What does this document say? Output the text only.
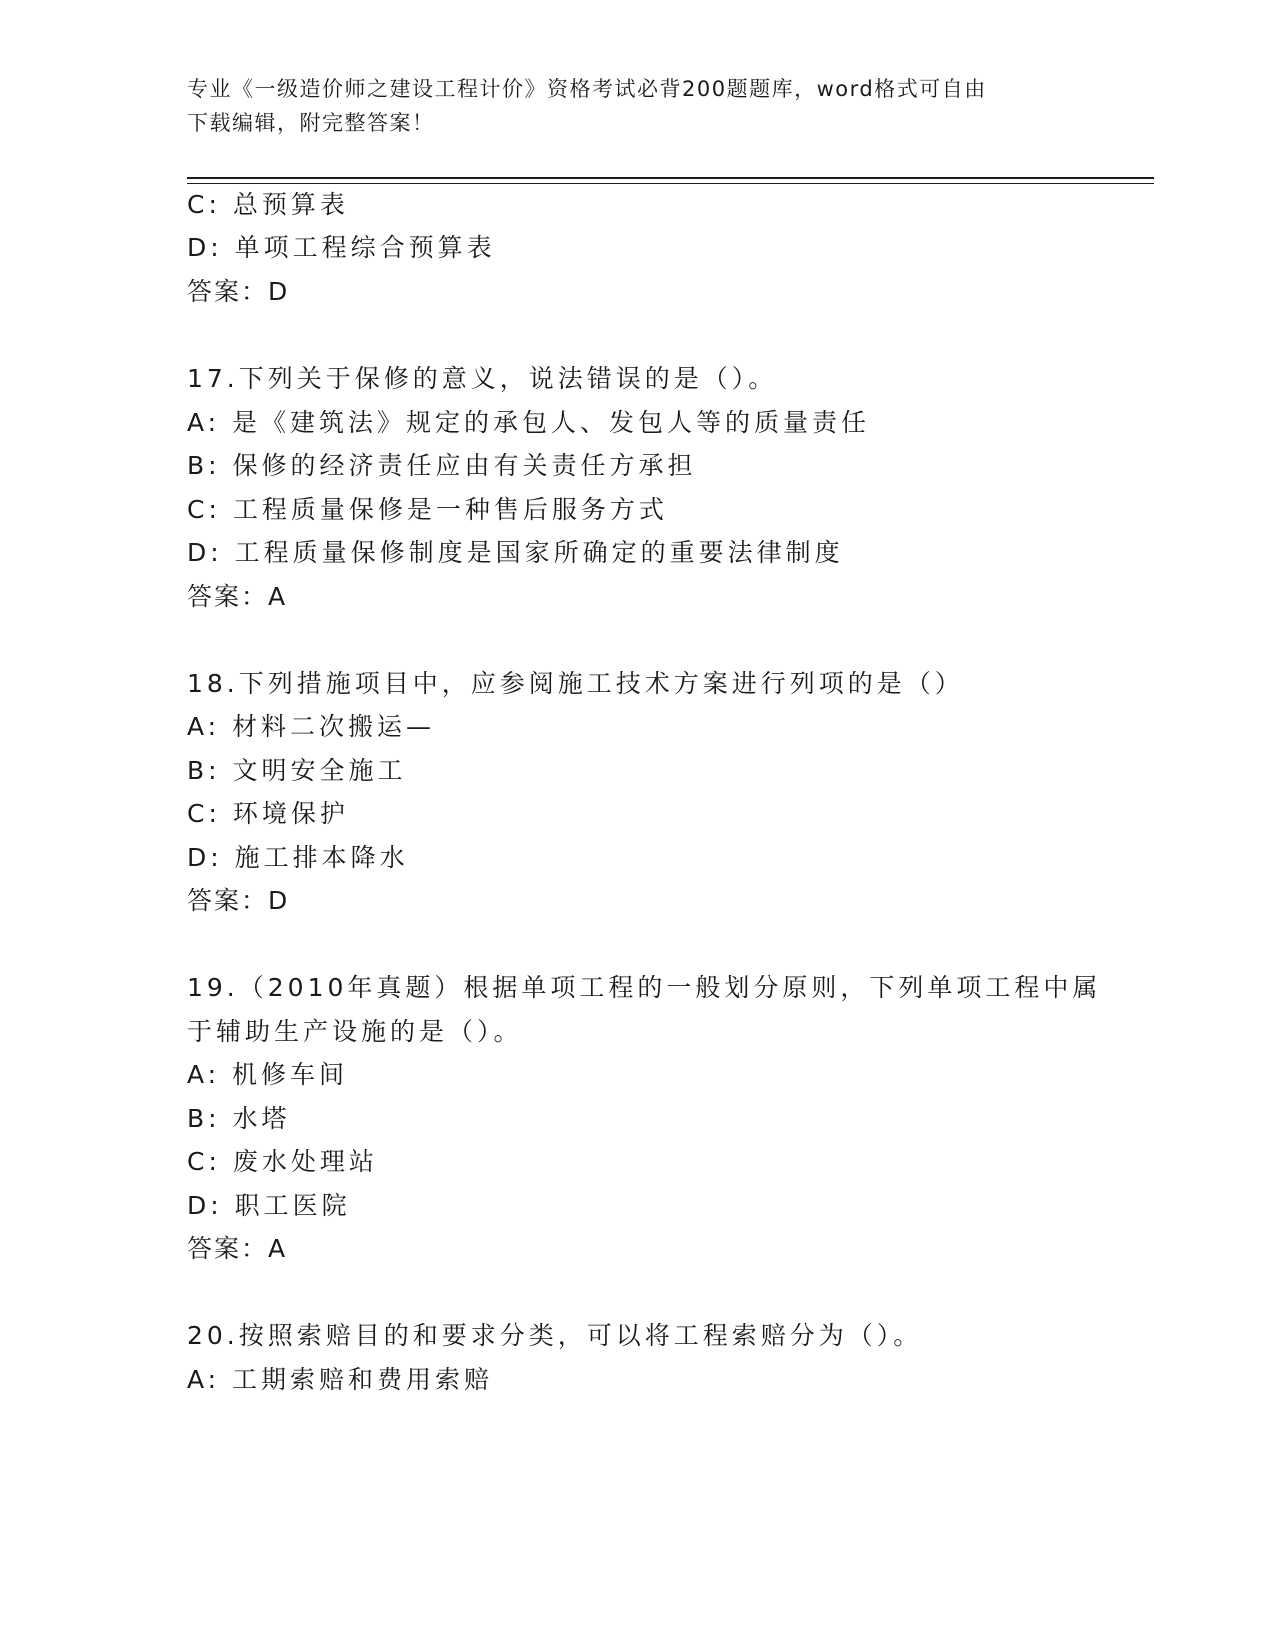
专业《一级造价师之建设工程计价》资格考试必背200题题库，word格式可自由
下载编辑，附完整答案！
C: 总预算表
D: 单项工程综合预算表
答案：D
17.下列关于保修的意义，说法错误的是（）。
A: 是《建筑法》规定的承包人、发包人等的质量责任
B: 保修的经济责任应由有关责任方承担
C: 工程质量保修是一种售后服务方式
D: 工程质量保修制度是国家所确定的重要法律制度
答案：A
18.下列措施项目中，应参阅施工技术方案进行列项的是（）
A: 材料二次搬运—
B: 文明安全施工
C: 环境保护
D: 施工排本降水
答案：D
19.（2010年真题）根据单项工程的一般划分原则，下列单项工程中属
于辅助生产设施的是（）。
A: 机修车间
B: 水塔
C: 废水处理站
D: 职工医院
答案：A
20.按照索赔目的和要求分类，可以将工程索赔分为（）。
A: 工期索赔和费用索赔
